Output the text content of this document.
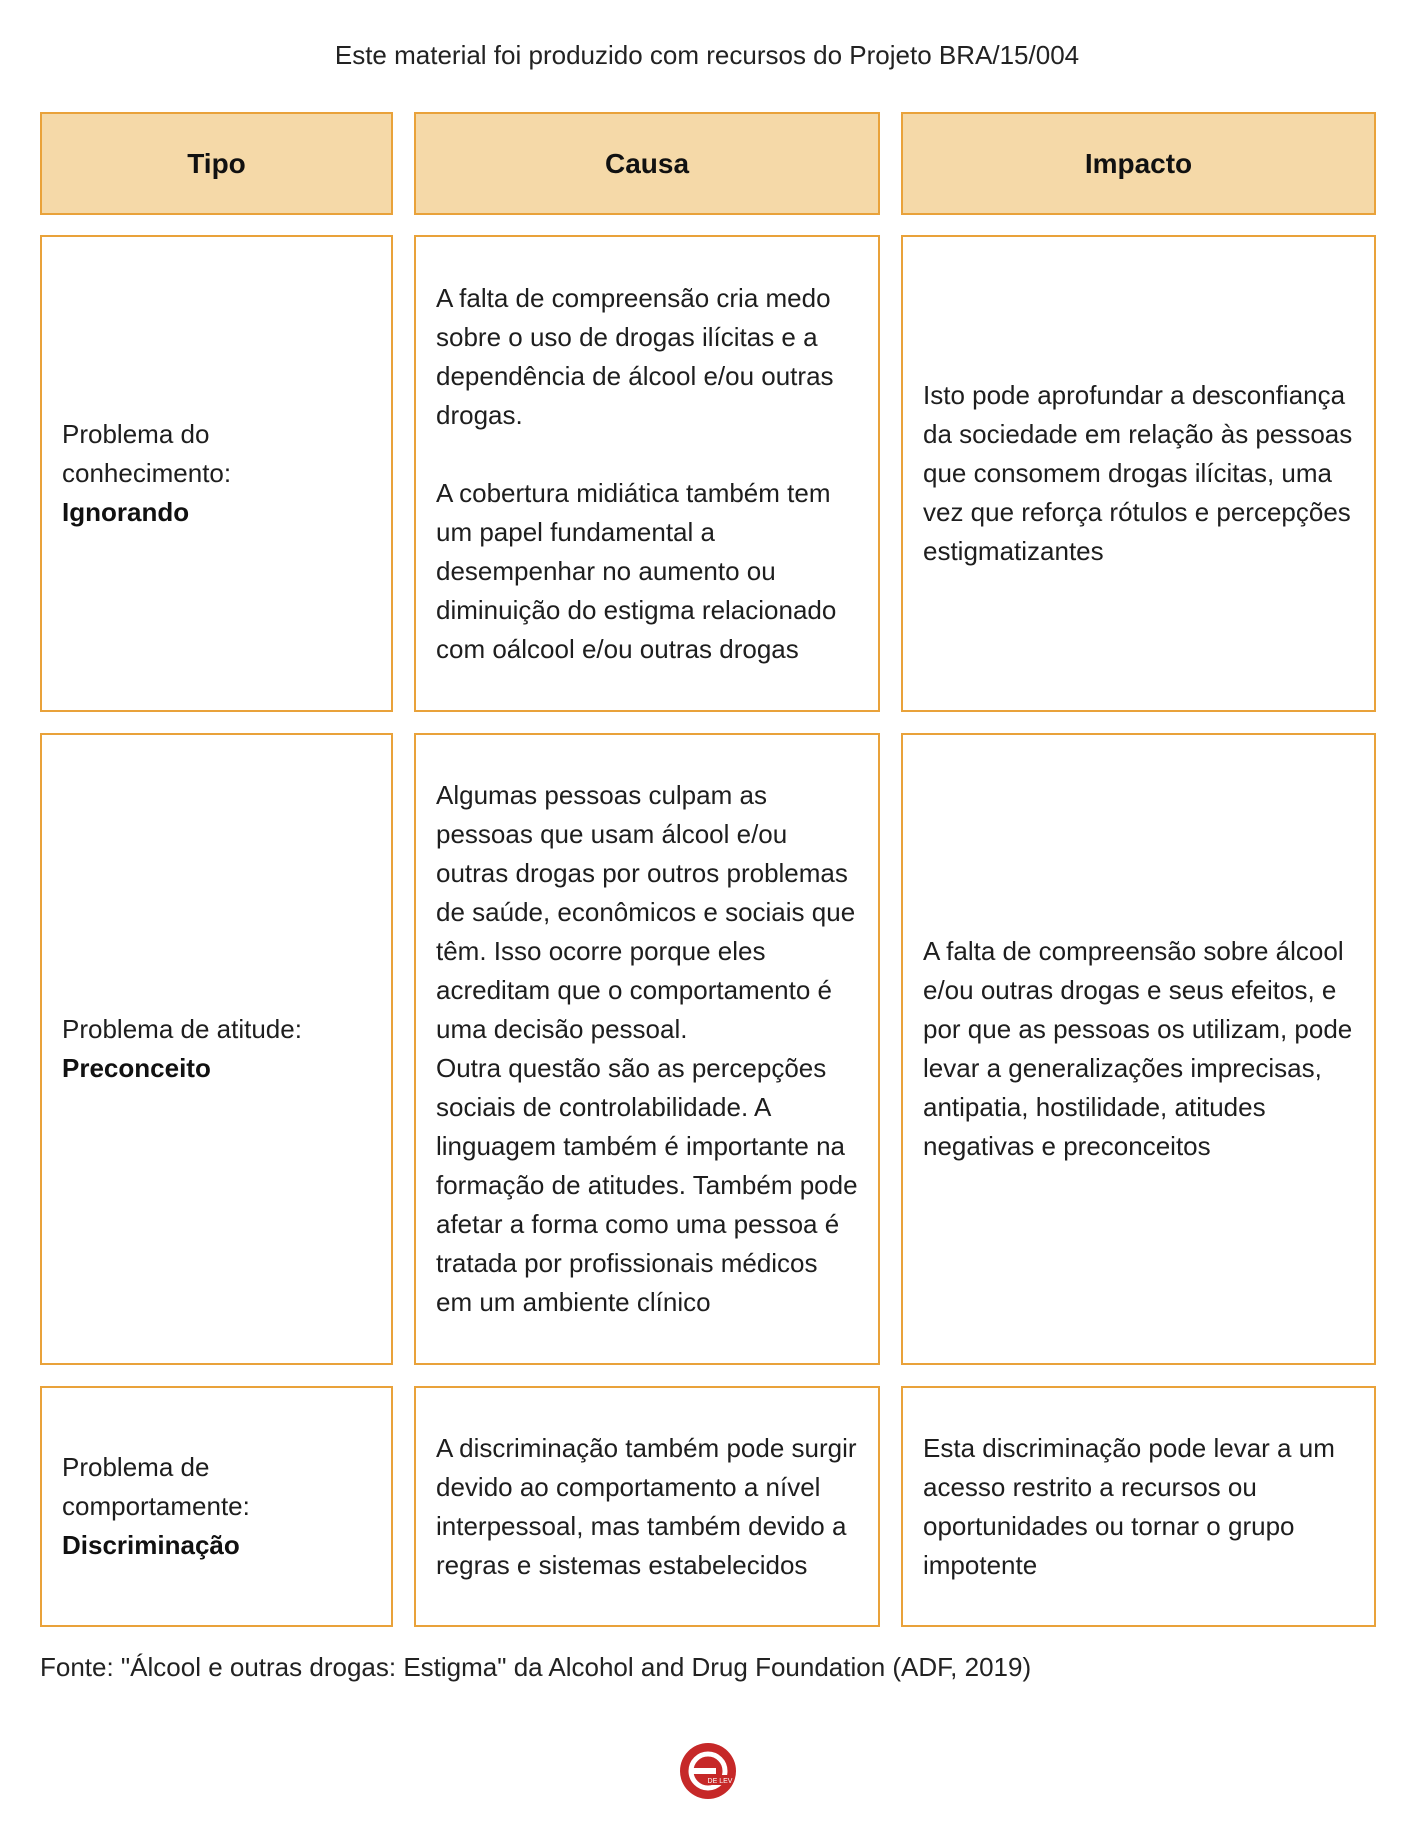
Este material foi produzido com recursos do Projeto BRA/15/004
Tipo	Causa	Impacto
Problema do conhecimento:
Ignorando
A falta de compreensão cria medo sobre o uso de drogas ilícitas e a dependência de álcool e/ou outras drogas.
A cobertura midiática também tem um papel fundamental a desempenhar no aumento ou diminuição do estigma relacionado com oálcool e/ou outras drogas
Isto pode aprofundar a desconfiança da sociedade em relação às pessoas que consomem drogas ilícitas, uma vez que reforça rótulos e percepções estigmatizantes
Problema de atitude:
Preconceito
Algumas pessoas culpam as pessoas que usam álcool e/ou outras drogas por outros problemas de saúde, econômicos e sociais que têm. Isso ocorre porque eles acreditam que o comportamento é uma decisão pessoal.
Outra questão são as percepções sociais de controlabilidade. A linguagem também é importante na formação de atitudes. Também pode afetar a forma como uma pessoa é tratada por profissionais médicos em um ambiente clínico
A falta de compreensão sobre álcool e/ou outras drogas e seus efeitos, e por que as pessoas os utilizam, pode levar a generalizações imprecisas, antipatia, hostilidade, atitudes negativas e preconceitos
Problema de comportamente:
Discriminação
A discriminação também pode surgir devido ao comportamento a nível interpessoal, mas também devido a regras e sistemas estabelecidos
Esta discriminação pode levar a um acesso restrito a recursos ou oportunidades ou tornar o grupo impotente
Fonte: "Álcool e outras drogas: Estigma" da Alcohol and Drug Foundation (ADF, 2019)
DE LEV
